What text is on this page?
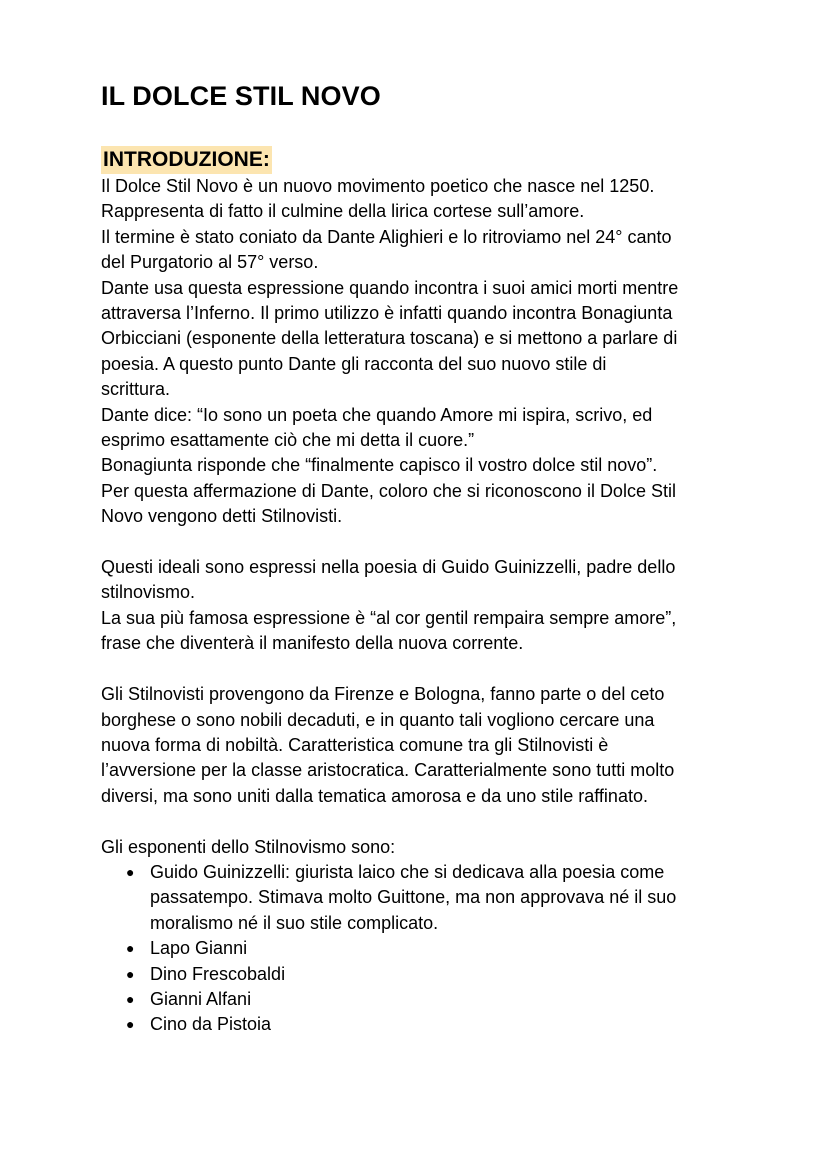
IL DOLCE STIL NOVO
INTRODUZIONE:
Il Dolce Stil Novo è un nuovo movimento poetico che nasce nel 1250.
Rappresenta di fatto il culmine della lirica cortese sull’amore.
Il termine è stato coniato da Dante Alighieri e lo ritroviamo nel 24° canto
del Purgatorio al 57° verso.
Dante usa questa espressione quando incontra i suoi amici morti mentre
attraversa l’Inferno. Il primo utilizzo è infatti quando incontra Bonagiunta
Orbicciani (esponente della letteratura toscana) e si mettono a parlare di
poesia. A questo punto Dante gli racconta del suo nuovo stile di
scrittura.
Dante dice: “Io sono un poeta che quando Amore mi ispira, scrivo, ed
esprimo esattamente ciò che mi detta il cuore.”
Bonagiunta risponde che “finalmente capisco il vostro dolce stil novo”.
Per questa affermazione di Dante, coloro che si riconoscono il Dolce Stil
Novo vengono detti Stilnovisti.
Questi ideali sono espressi nella poesia di Guido Guinizzelli, padre dello
stilnovismo.
La sua più famosa espressione è “al cor gentil rempaira sempre amore”,
frase che diventerà il manifesto della nuova corrente.
Gli Stilnovisti provengono da Firenze e Bologna, fanno parte o del ceto
borghese o sono nobili decaduti, e in quanto tali vogliono cercare una
nuova forma di nobiltà. Caratteristica comune tra gli Stilnovisti è
l’avversione per la classe aristocratica. Caratterialmente sono tutti molto
diversi, ma sono uniti dalla tematica amorosa e da uno stile raffinato.
Gli esponenti dello Stilnovismo sono:
● Guido Guinizzelli: giurista laico che si dedicava alla poesia come
passatempo. Stimava molto Guittone, ma non approvava né il suo
moralismo né il suo stile complicato.
● Lapo Gianni
● Dino Frescobaldi
● Gianni Alfani
● Cino da Pistoia
